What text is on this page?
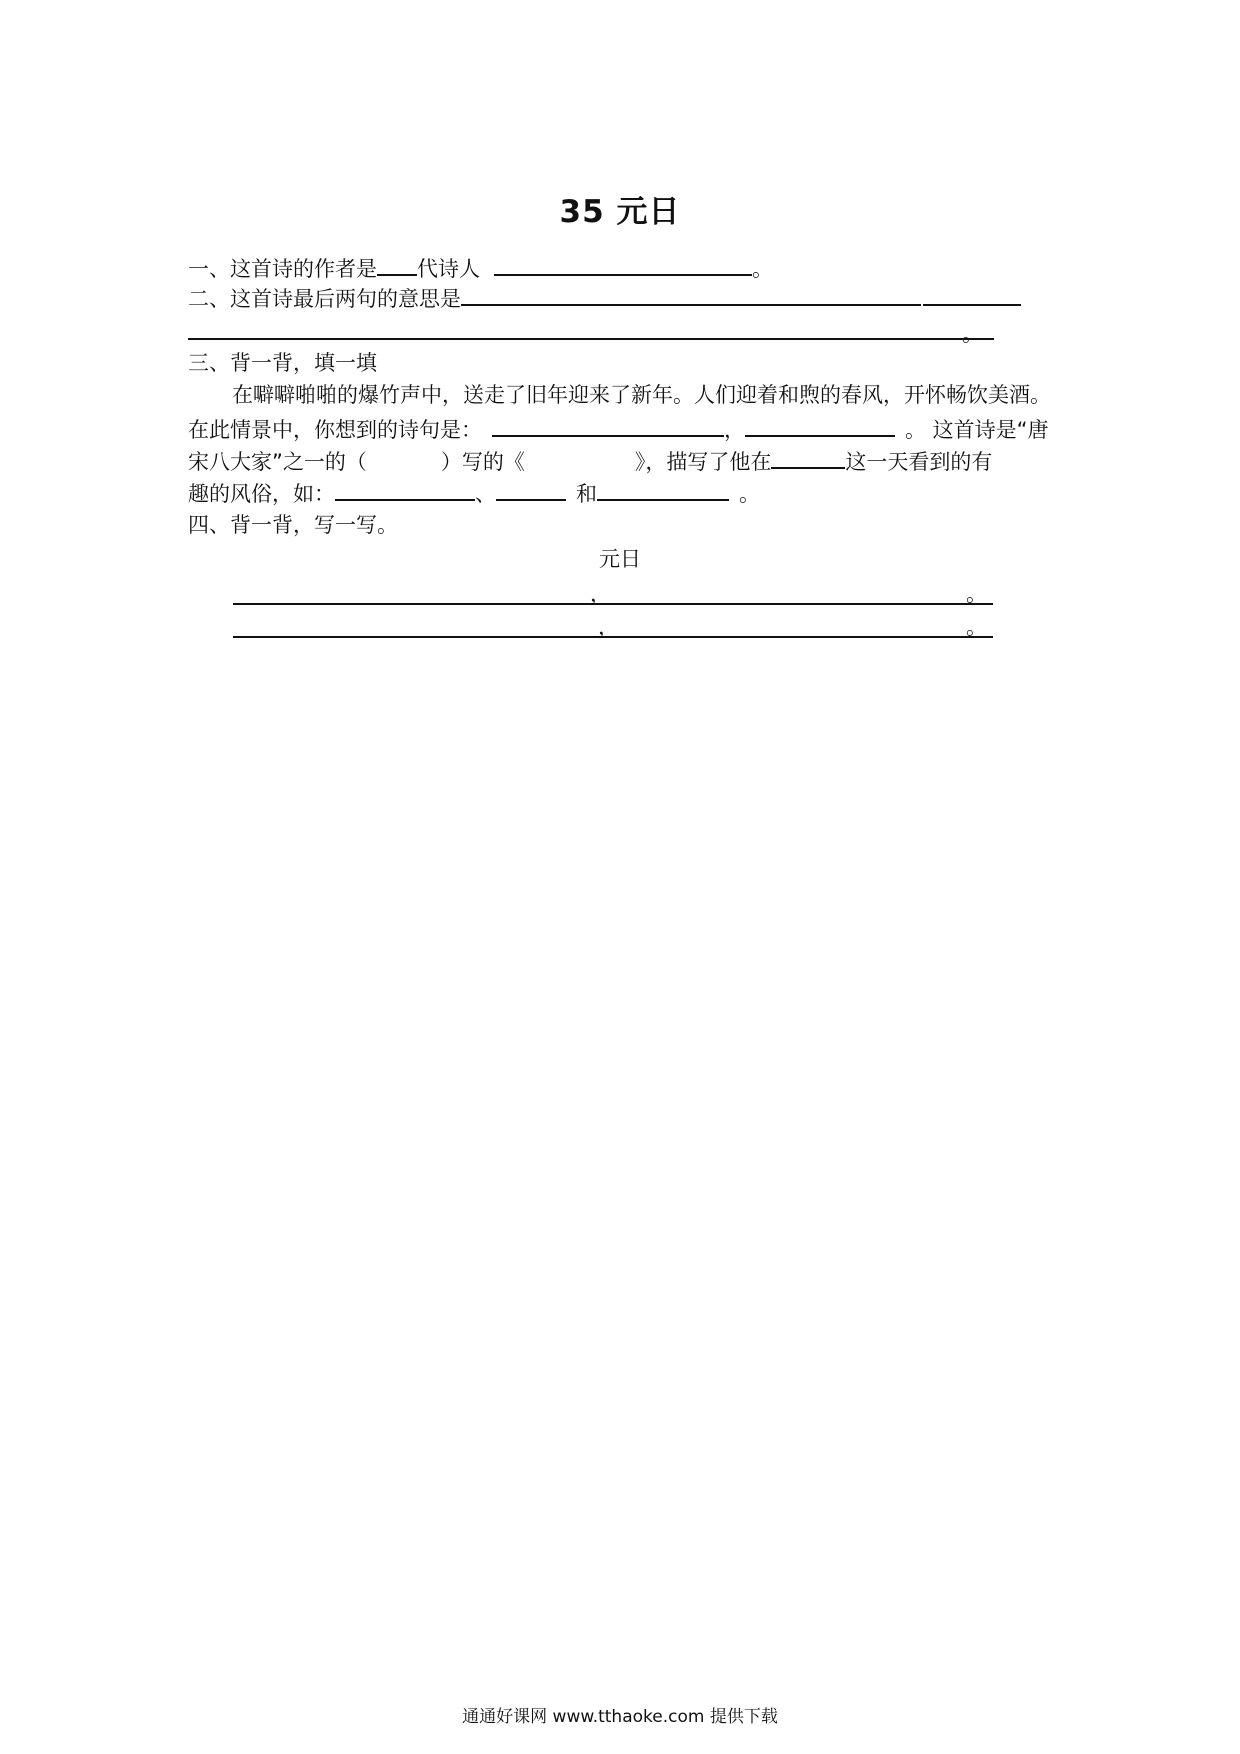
35 元日
一、这首诗的作者是 代诗人	。
二、这首诗最后两句的意思是
。
三、背一背，填一填
在噼噼啪啪的爆竹声中，送走了旧年迎来了新年。人们迎着和煦的春风，开怀畅饮美酒。
在此情景中，你想到的诗句是：	，	。 这首诗是“唐
宋八大家”之一的（	）写的《	》，描写了他在	这一天看到的有
趣的风俗，如：	、	和	。
四、背一背，写一写。
元日
，	。
，	。
通通好课网 www.tthaoke.com 提供下载
